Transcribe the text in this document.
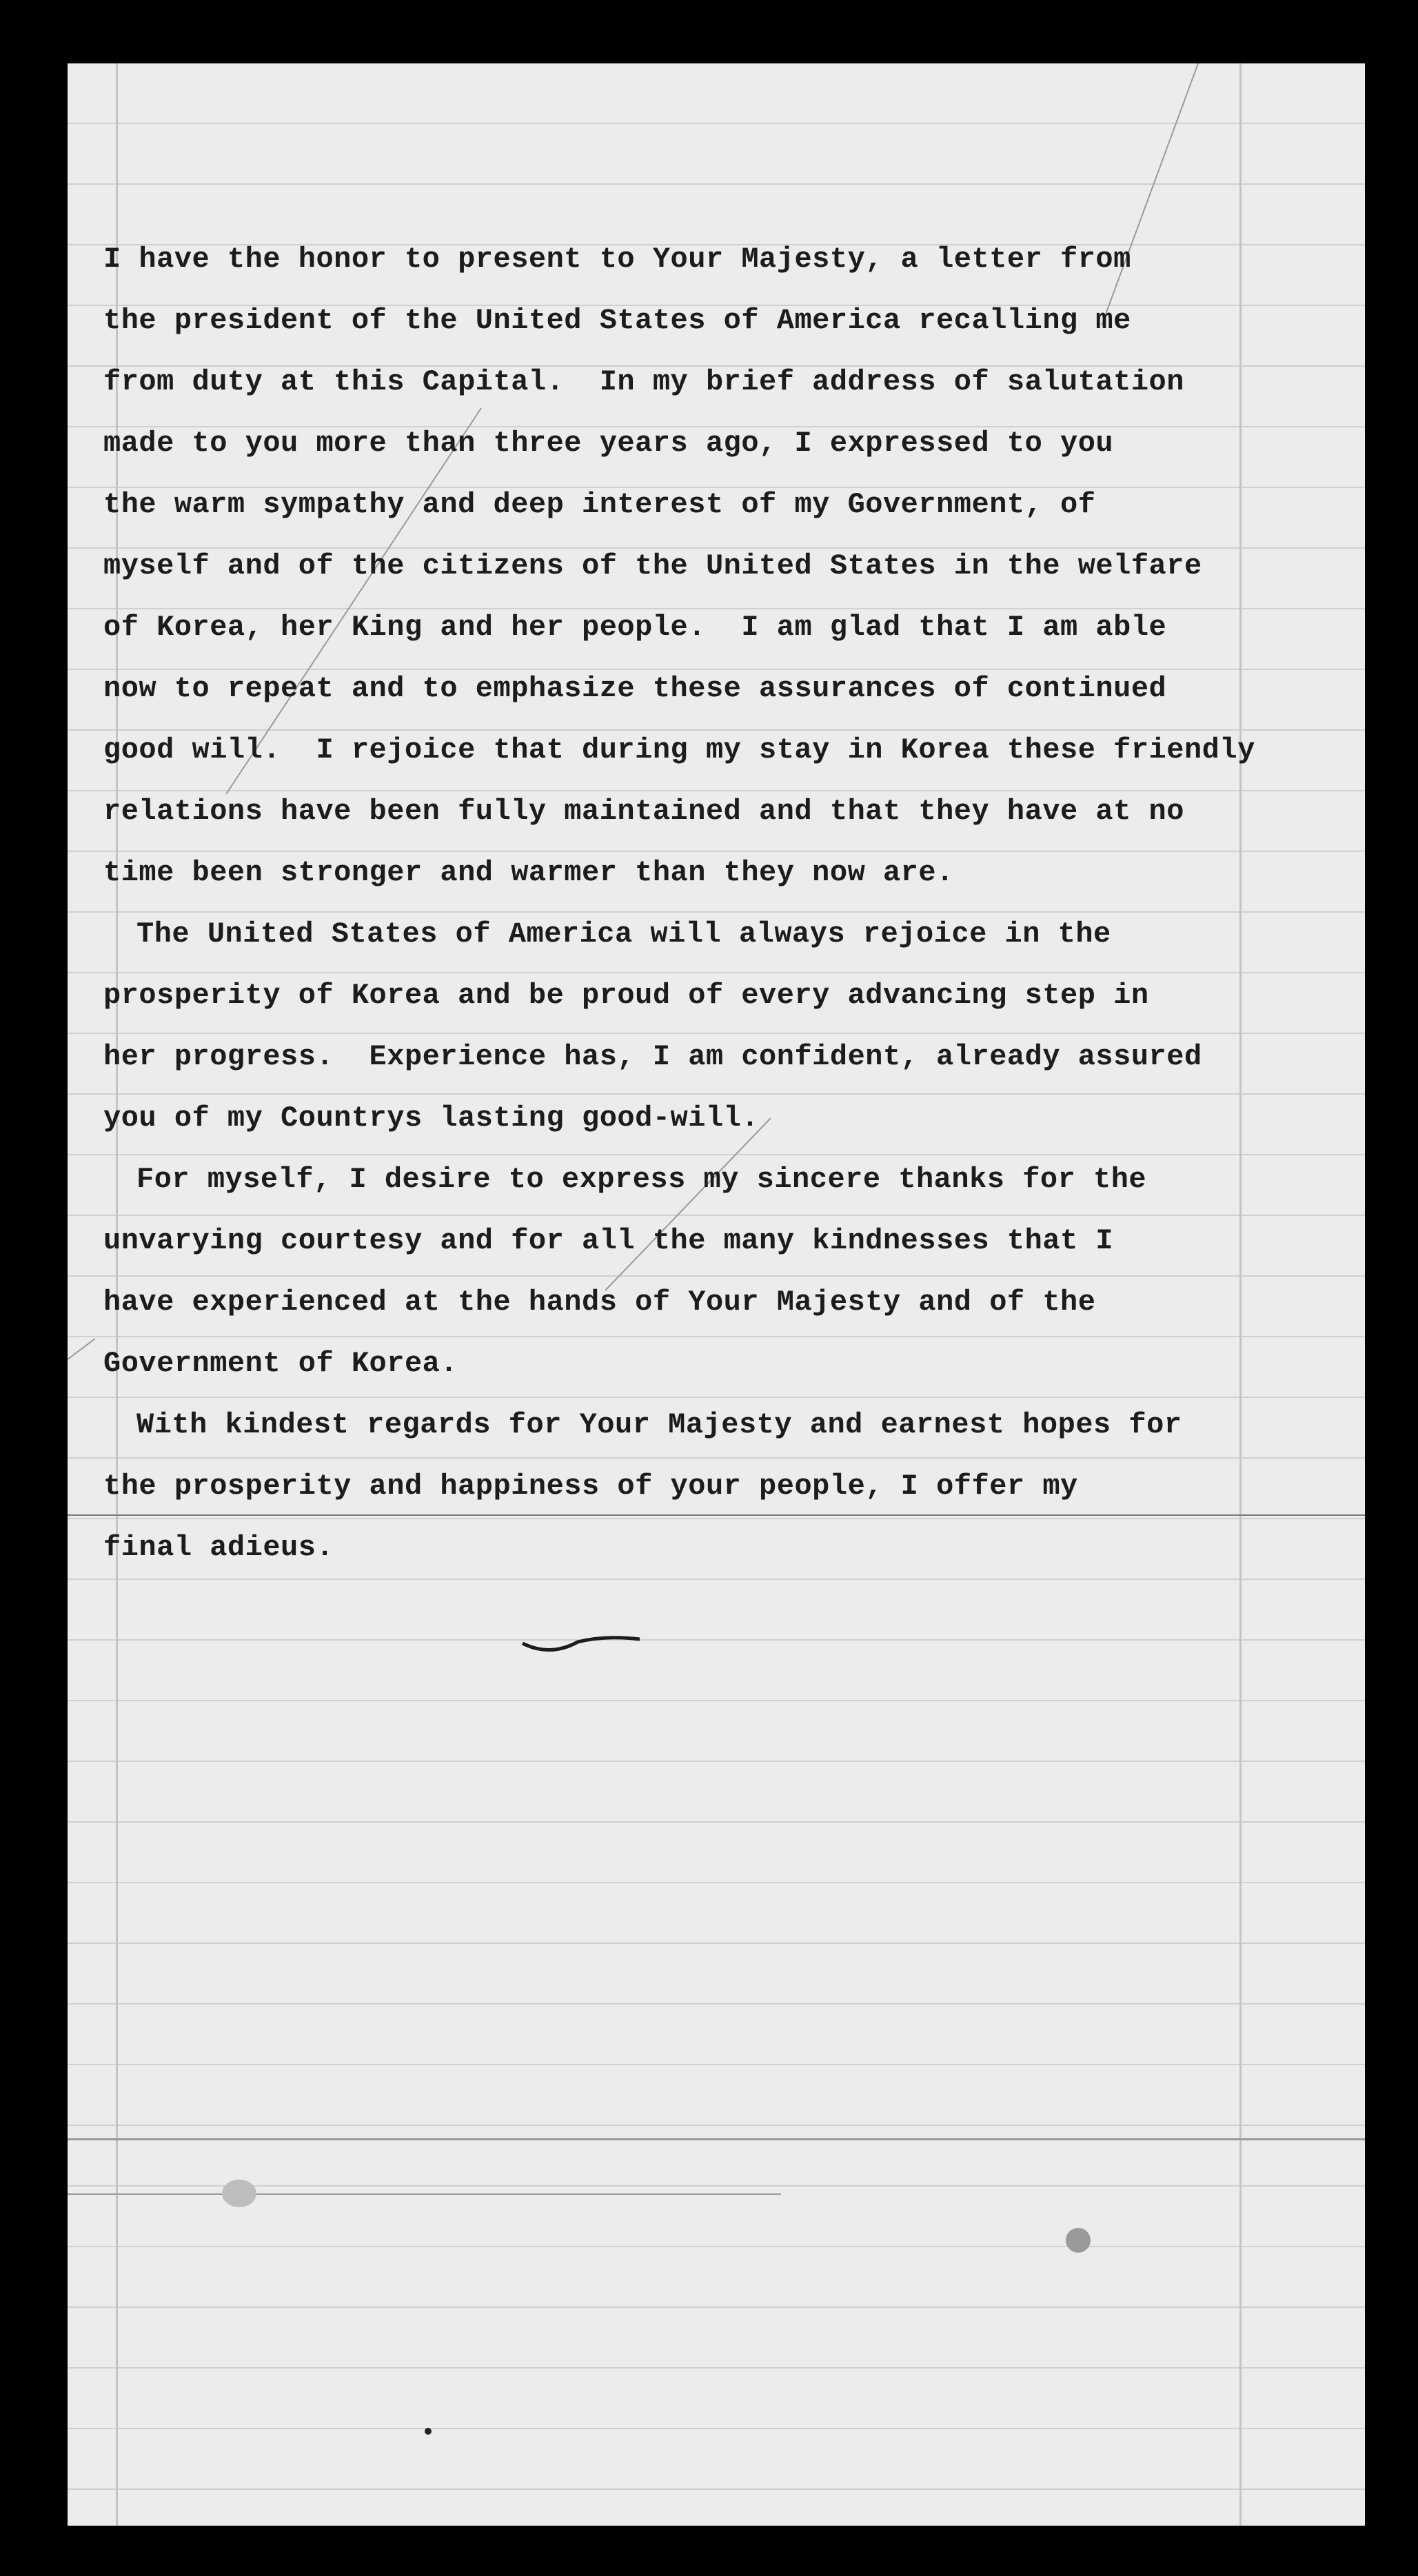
I have the honor to present to Your Majesty, a letter from
the president of the United States of America recalling me
from duty at this Capital.  In my brief address of salutation
made to you more than three years ago, I expressed to you
the warm sympathy and deep interest of my Government, of
myself and of the citizens of the United States in the welfare
of Korea, her King and her people.  I am glad that I am able
now to repeat and to emphasize these assurances of continued
good will.  I rejoice that during my stay in Korea these friendly
relations have been fully maintained and that they have at no
time been stronger and warmer than they now are.
The United States of America will always rejoice in the
prosperity of Korea and be proud of every advancing step in
her progress.  Experience has, I am confident, already assured
you of my Countrys lasting good-will.
For myself, I desire to express my sincere thanks for the
unvarying courtesy and for all the many kindnesses that I
have experienced at the hands of Your Majesty and of the
Government of Korea.
With kindest regards for Your Majesty and earnest hopes for
the prosperity and happiness of your people, I offer my
final adieus.
